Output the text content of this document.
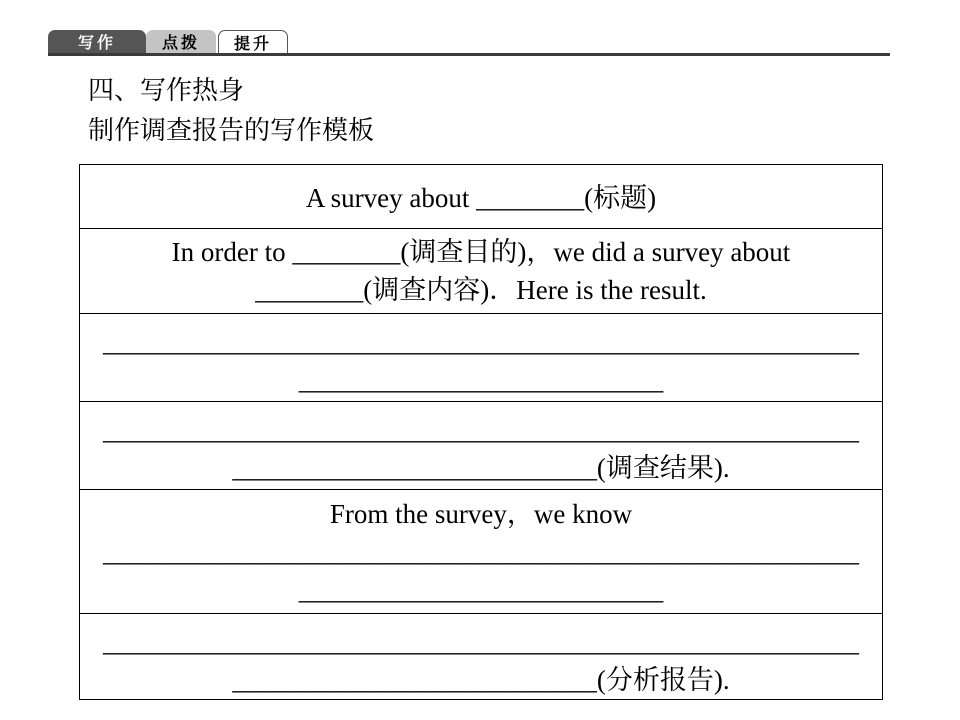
写作	点拨	提升
四、写作热身
制作调查报告的写作模板
A survey about ________(标题)
In order to ________(调查目的)，we did a survey about
________(调查内容)．Here is the result.
________________________________________________________
___________________________
________________________________________________________
___________________________(调查结果).
From the survey，we know
________________________________________________________
___________________________
________________________________________________________
___________________________(分析报告).
